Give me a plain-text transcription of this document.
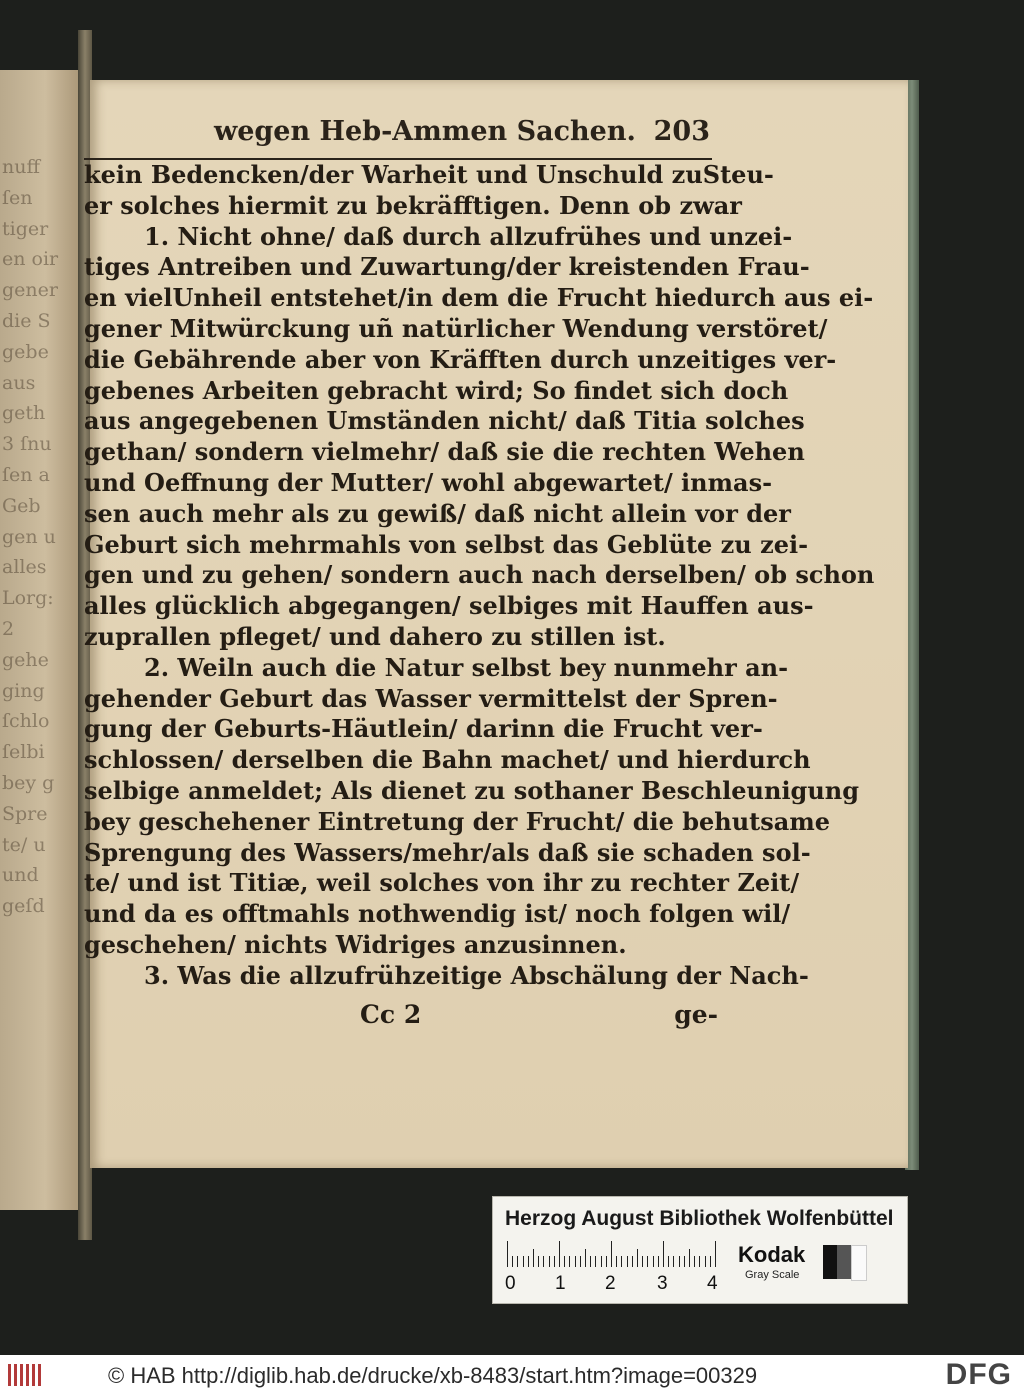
nuff
ſen
tiger
en oir
gener
die S
gebe
aus
geth
3 ſnu
ſen a
Geb
gen u
alles
Lorg:
2
gehe
ging
ſchlo
ſelbi
bey g
Spre
te/ u
und
geſd
wegen Heb-Ammen Sachen. 203
kein Bedencken/der Warheit und Unschuld zuSteu-
er solches hiermit zu bekräfftigen. Denn ob zwar
1. Nicht ohne/ daß durch allzufrühes und unzei-
tiges Antreiben und Zuwartung/der kreistenden Frau-
en vielUnheil entstehet/in dem die Frucht hiedurch aus ei-
gener Mitwürckung uñ natürlicher Wendung verstöret/
die Gebährende aber von Kräfften durch unzeitiges ver-
gebenes Arbeiten gebracht wird; So findet sich doch
aus angegebenen Umständen nicht/ daß Titia solches
gethan/ sondern vielmehr/ daß sie die rechten Wehen
und Oeffnung der Mutter/ wohl abgewartet/ inmas-
sen auch mehr als zu gewiß/ daß nicht allein vor der
Geburt sich mehrmahls von selbst das Geblüte zu zei-
gen und zu gehen/ sondern auch nach derselben/ ob schon
alles glücklich abgegangen/ selbiges mit Hauffen aus-
zuprallen pfleget/ und dahero zu stillen ist.
2. Weiln auch die Natur selbst bey nunmehr an-
gehender Geburt das Wasser vermittelst der Spren-
gung der Geburts-Häutlein/ darinn die Frucht ver-
schlossen/ derselben die Bahn machet/ und hierdurch
selbige anmeldet; Als dienet zu sothaner Beschleunigung
bey geschehener Eintretung der Frucht/ die behutsame
Sprengung des Wassers/mehr/als daß sie schaden sol-
te/ und ist Titiæ, weil solches von ihr zu rechter Zeit/
und da es offtmahls nothwendig ist/ noch folgen wil/
geschehen/ nichts Widriges anzusinnen.
3. Was die allzufrühzeitige Abschälung der Nach-
Cc 2	ge-
Herzog August Bibliothek Wolfenbüttel
0 1 2 3 4
Kodak
Gray Scale
© HAB http://diglib.hab.de/drucke/xb-8483/start.htm?image=00329	DFG
